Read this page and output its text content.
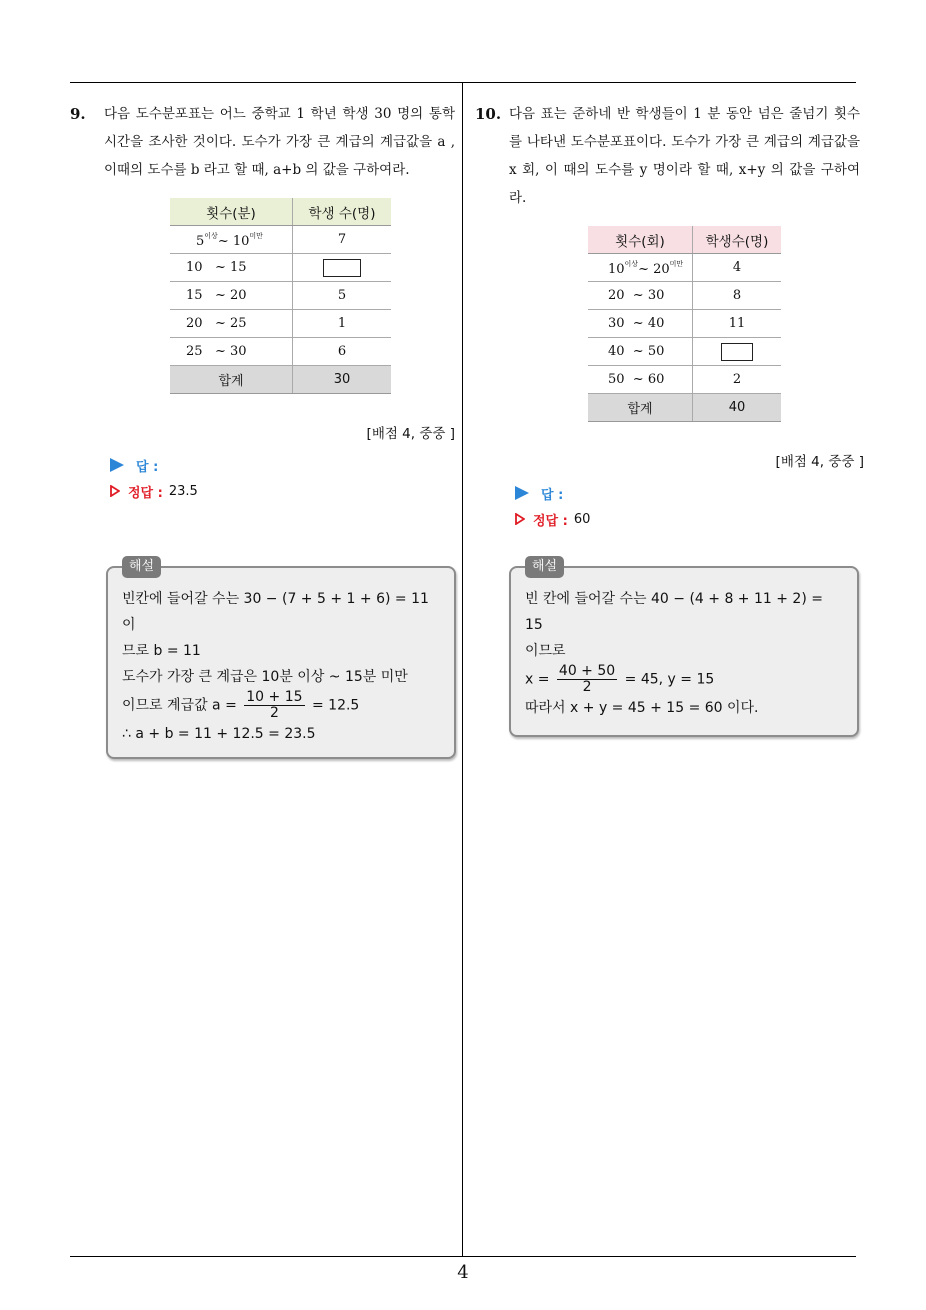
9.	다음 도수분포표는 어느 중학교 1 학년 학생 30 명의 통학 시간을 조사한 것이다. 도수가 가장 큰 계급의 계급값을 a , 이때의 도수를 b 라고 할 때, a+b 의 값을 구하여라.
횟수(분)	학생 수(명)
$5^{이상}\sim$ $10^{미만}$	7
10   ~ 15	
15   ~ 20	5
20   ~ 25	1
25   ~ 30	6
합계	30
[배점 4, 중중 ]
답 :
정답 : 23.5
해설
빈칸에 들어갈 수는 30 − (7 + 5 + 1 + 6) = 11 이
므로 b = 11
도수가 가장 큰 계급은 10분 이상 ~ 15분 미만
이므로 계급값 $a = \frac{10 + 15}{2} = 12.5$
∴ a + b = 11 + 12.5 = 23.5
10. 다음 표는 준하네 반 학생들이 1 분 동안 넘은 줄넘기 횟수를 나타낸 도수분포표이다. 도수가 가장 큰 계급의 계급값을 x 회, 이 때의 도수를 y 명이라 할 때, x+y 의 값을 구하여라.
횟수(회)	학생수(명)
$10^{이상}\sim$ $20^{미만}$	4
20  ~ 30	8
30  ~ 40	11
40  ~ 50	
50  ~ 60	2
합계	40
[배점 4, 중중 ]
답 :
정답 : 60
해설
빈 칸에 들어갈 수는 40 − (4 + 8 + 11 + 2) = 15
이므로
$x = \frac{40 + 50}{2} = 45$, y = 15
따라서 x + y = 45 + 15 = 60 이다.
4
